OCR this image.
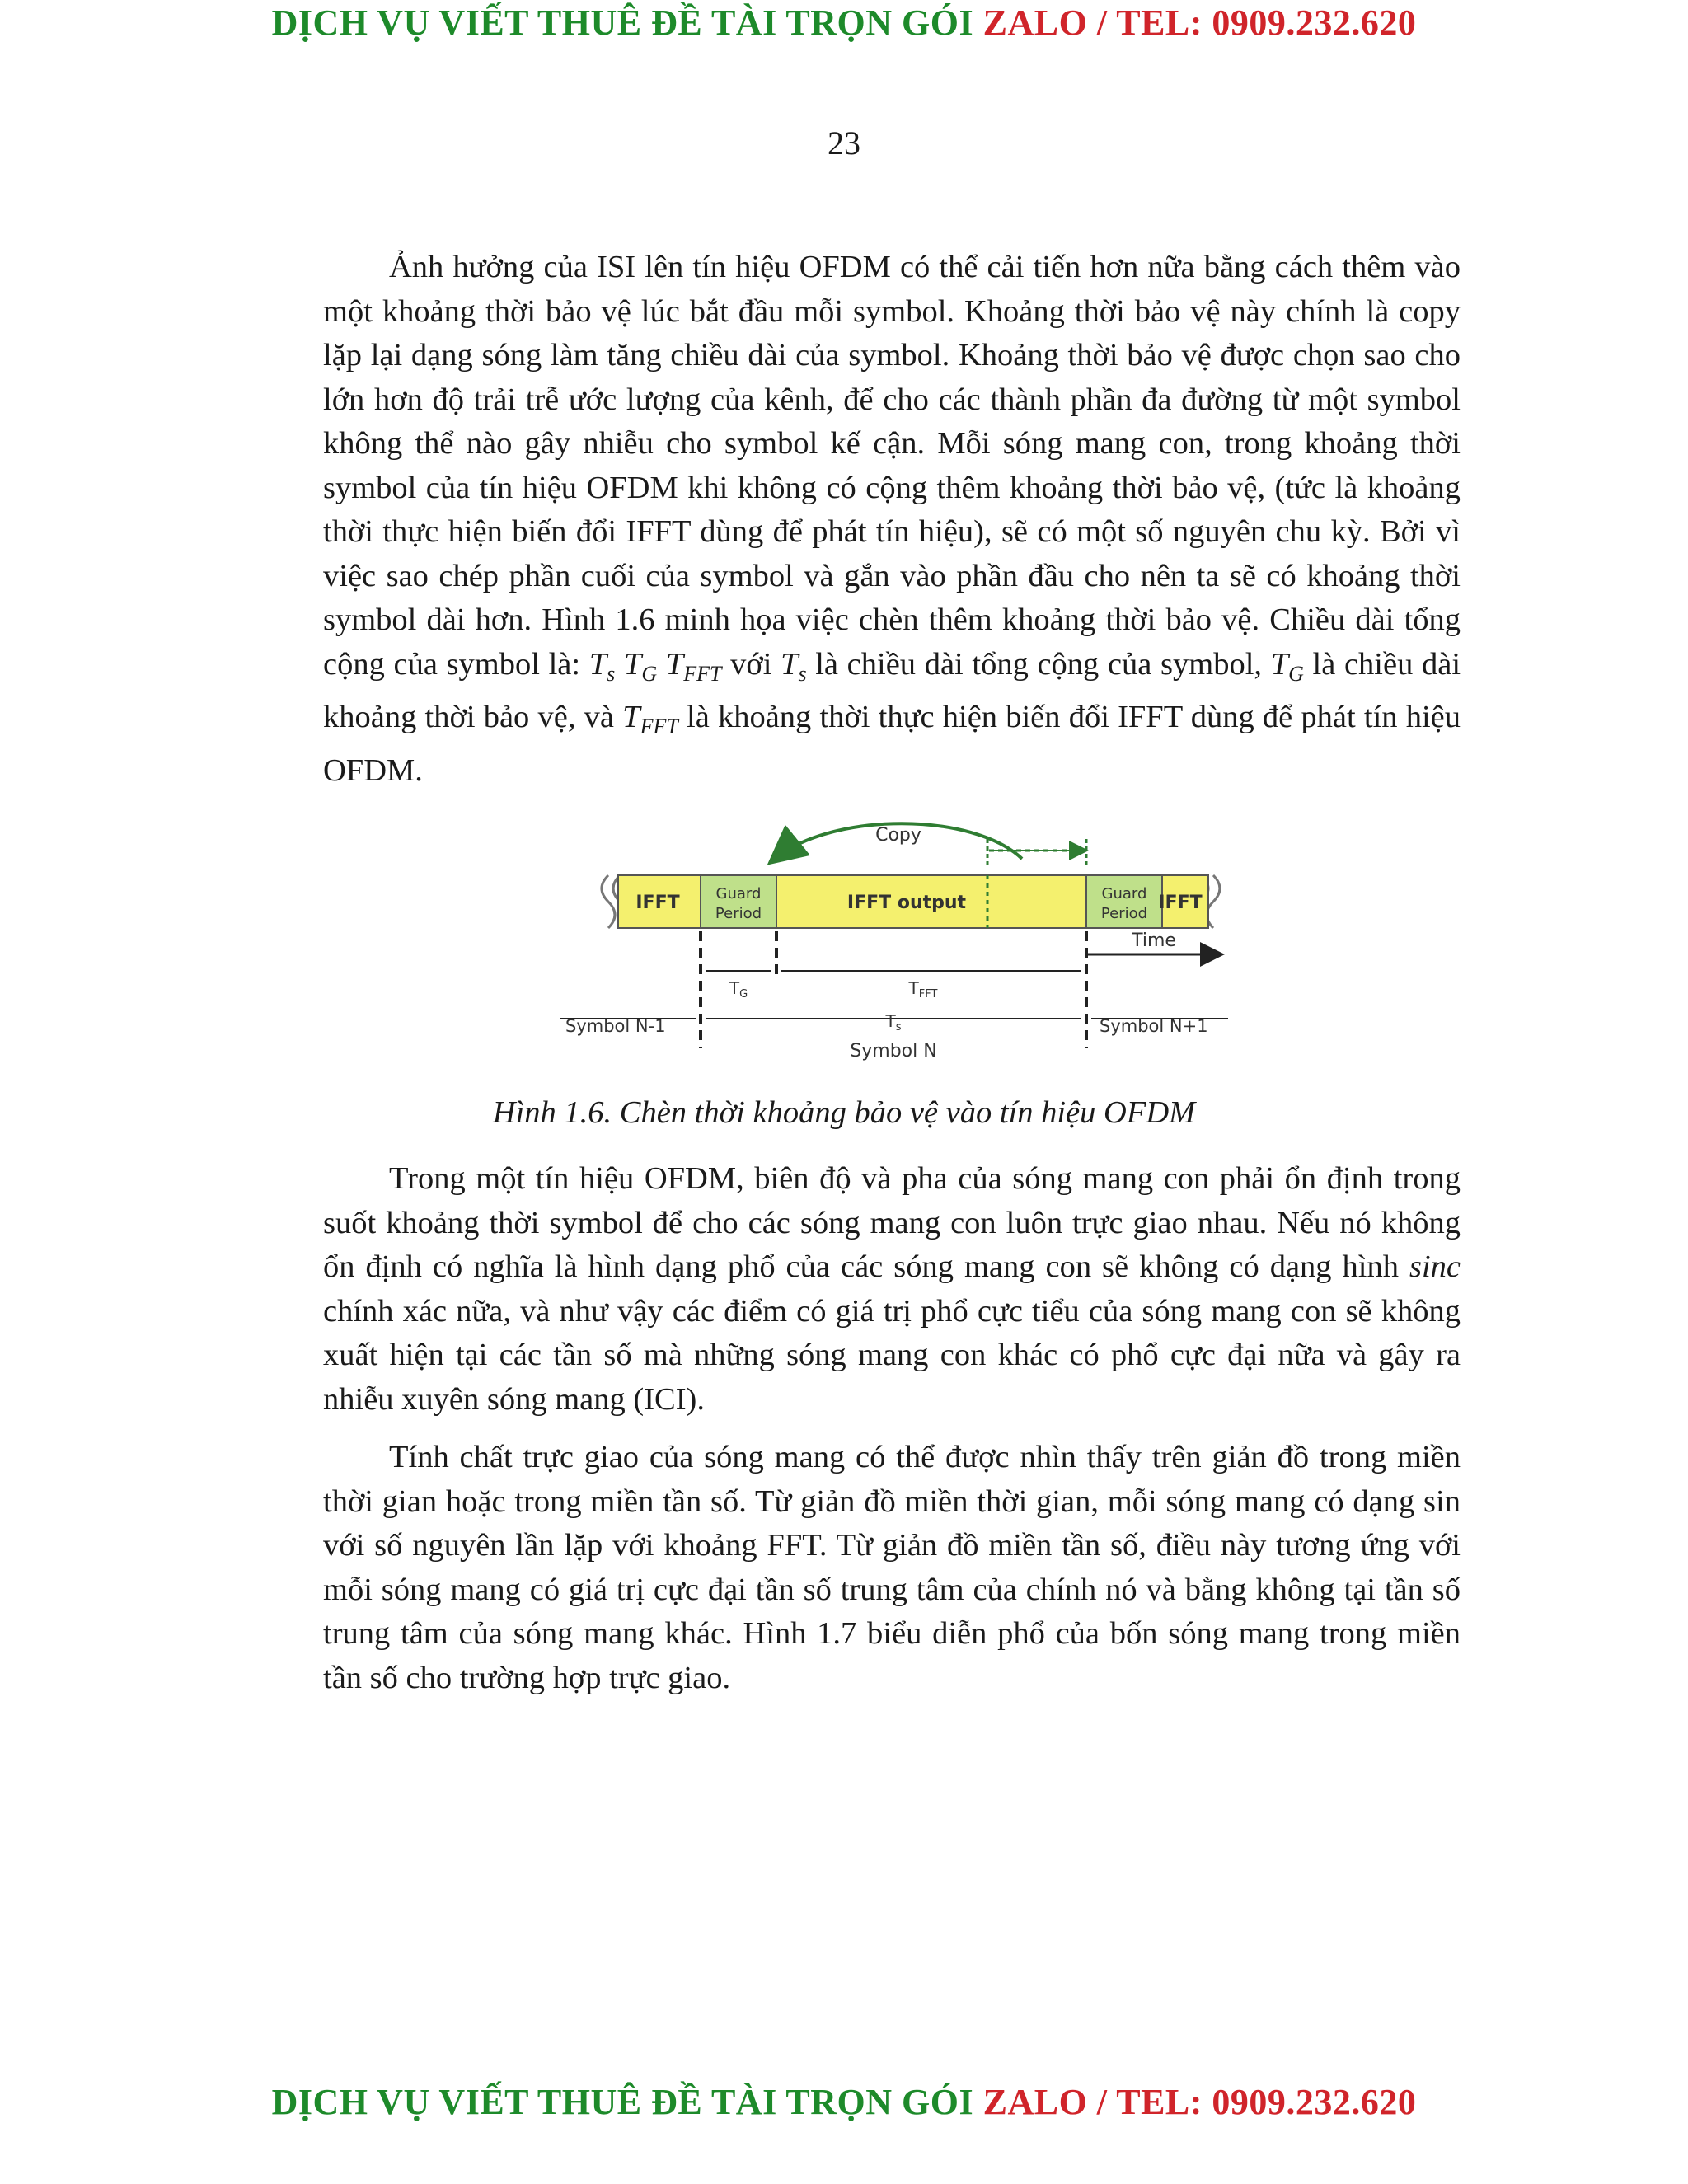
DỊCH VỤ VIẾT THUÊ ĐỀ TÀI TRỌN GÓI ZALO / TEL: 0909.232.620
23

Ảnh hưởng của ISI lên tín hiệu OFDM có thể cải tiến hơn nữa bằng cách thêm vào một khoảng thời bảo vệ lúc bắt đầu mỗi symbol. Khoảng thời bảo vệ này chính là copy lặp lại dạng sóng làm tăng chiều dài của symbol. Khoảng thời bảo vệ được chọn sao cho lớn hơn độ trải trễ ước lượng của kênh, để cho các thành phần đa đường từ một symbol không thể nào gây nhiễu cho symbol kế cận. Mỗi sóng mang con, trong khoảng thời symbol của tín hiệu OFDM khi không có cộng thêm khoảng thời bảo vệ, (tức là khoảng thời thực hiện biến đổi IFFT dùng để phát tín hiệu), sẽ có một số nguyên chu kỳ. Bởi vì việc sao chép phần cuối của symbol và gắn vào phần đầu cho nên ta sẽ có khoảng thời symbol dài hơn. Hình 1.6 minh họa việc chèn thêm khoảng thời bảo vệ. Chiều dài tổng cộng của symbol là: $T_s$ $T_G$ $T_{FFT}$ với $T_s$ là chiều dài tổng cộng của symbol, $T_G$ là chiều dài khoảng thời bảo vệ, và $T_{FFT}$ là khoảng thời thực hiện biến đổi IFFT dùng để phát tín hiệu OFDM.

Copy
IFFT Guard
Period
IFFT output	Guard
Period
IFFT
Time
$T_G$	$T_{FFT}$
$T_s$
Symbol N-1	Symbol N+1
Symbol N
Hình 1.6. Chèn thời khoảng bảo vệ vào tín hiệu OFDM

Trong một tín hiệu OFDM, biên độ và pha của sóng mang con phải ổn định trong suốt khoảng thời symbol để cho các sóng mang con luôn trực giao nhau. Nếu nó không ổn định có nghĩa là hình dạng phổ của các sóng mang con sẽ không có dạng hình sinc chính xác nữa, và như vậy các điểm có giá trị phổ cực tiểu của sóng mang con sẽ không xuất hiện tại các tần số mà những sóng mang con khác có phổ cực đại nữa và gây ra nhiễu xuyên sóng mang (ICI).

Tính chất trực giao của sóng mang có thể được nhìn thấy trên giản đồ trong miền thời gian hoặc trong miền tần số. Từ giản đồ miền thời gian, mỗi sóng mang có dạng sin với số nguyên lần lặp với khoảng FFT. Từ giản đồ miền tần số, điều này tương ứng với mỗi sóng mang có giá trị cực đại tần số trung tâm của chính nó và bằng không tại tần số trung tâm của sóng mang khác. Hình 1.7 biểu diễn phổ của bốn sóng mang trong miền tần số cho trường hợp trực giao.

DỊCH VỤ VIẾT THUÊ ĐỀ TÀI TRỌN GÓI ZALO / TEL: 0909.232.620
